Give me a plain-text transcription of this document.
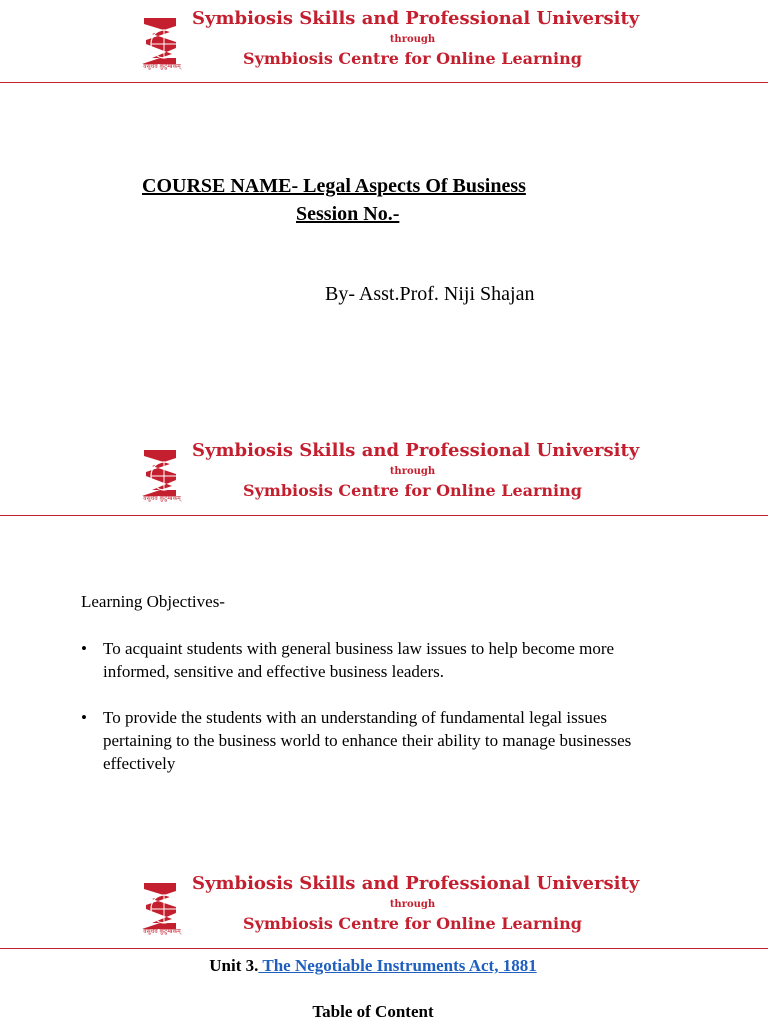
वसुधैव कुटुम्बकम्
Symbiosis Skills and Professional University
through
Symbiosis Centre for Online Learning
COURSE NAME- Legal Aspects Of Business
Session No.-
By- Asst.Prof. Niji Shajan
वसुधैव कुटुम्बकम्
Symbiosis Skills and Professional University
through
Symbiosis Centre for Online Learning
Learning Objectives-
• To acquaint students with general business law issues to help become more informed, sensitive and effective business leaders.
• To provide the students with an understanding of fundamental legal issues pertaining to the business world to enhance their ability to manage businesses effectively
वसुधैव कुटुम्बकम्
Symbiosis Skills and Professional University
through
Symbiosis Centre for Online Learning
Unit 3. The Negotiable Instruments Act, 1881
Table of Content
